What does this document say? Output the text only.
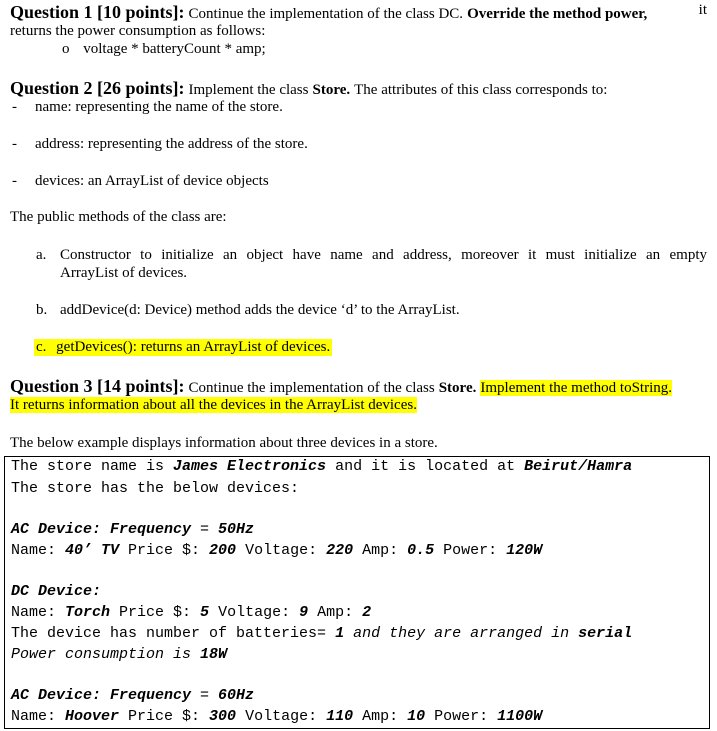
Question 1 [10 points]: Continue the implementation of the class DC. Override the method power,	it
returns the power consumption as follows:
o voltage * batteryCount * amp;
Question 2 [26 points]: Implement the class Store. The attributes of this class corresponds to:
- name: representing the name of the store.
- address: representing the address of the store.
- devices: an ArrayList of device objects
The public methods of the class are:
a. Constructor to initialize an object have name and address, moreover it must initialize an empty
ArrayList of devices.
b. addDevice(d: Device) method adds the device ‘d’ to the ArrayList.
c. getDevices(): returns an ArrayList of devices.
Question 3 [14 points]: Continue the implementation of the class Store. Implement the method toString.
It returns information about all the devices in the ArrayList devices.
The below example displays information about three devices in a store.
The store name is James Electronics and it is located at Beirut/Hamra
The store has the below devices:
AC Device: Frequency = 50Hz
Name: 40’ TV Price $: 200 Voltage: 220 Amp: 0.5 Power: 120W
DC Device:
Name: Torch Price $: 5 Voltage: 9 Amp: 2
The device has number of batteries= 1 and they are arranged in serial
Power consumption is 18W
AC Device: Frequency = 60Hz
Name: Hoover Price $: 300 Voltage: 110 Amp: 10 Power: 1100W
